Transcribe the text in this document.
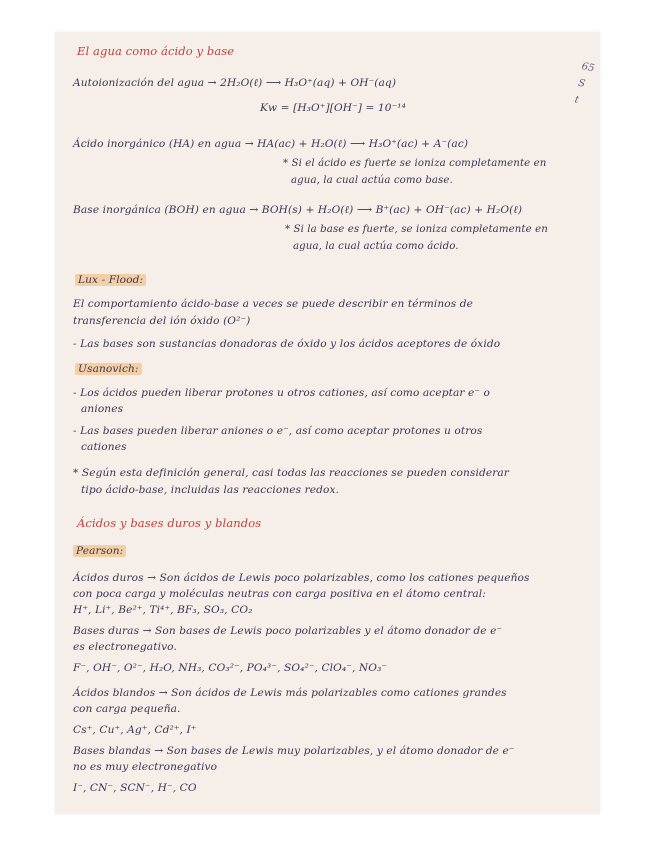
65
S
t
El agua como ácido y base
Autoionización del agua → 2H₂O(ℓ) ⟶ H₃O⁺(aq) + OH⁻(aq)
Kw = [H₃O⁺][OH⁻] = 10⁻¹⁴
Ácido inorgánico (HA) en agua → HA(ac) + H₂O(ℓ) ⟶ H₃O⁺(ac) + A⁻(ac)
* Si el ácido es fuerte se ioniza completamente en
agua, la cual actúa como base.
Base inorgánica (BOH) en agua → BOH(s) + H₂O(ℓ) ⟶ B⁺(ac) + OH⁻(ac) + H₂O(ℓ)
* Si la base es fuerte, se ioniza completamente en
agua, la cual actúa como ácido.
Lux - Flood:
El comportamiento ácido-base a veces se puede describir en términos de
transferencia del ión óxido (O²⁻)
- Las bases son sustancias donadoras de óxido y los ácidos aceptores de óxido
Usanovich:
- Los ácidos pueden liberar protones u otros cationes, así como aceptar e⁻ o
aniones
- Las bases pueden liberar aniones o e⁻, así como aceptar protones u otros
cationes
* Según esta definición general, casi todas las reacciones se pueden considerar
tipo ácido-base, incluidas las reacciones redox.
Ácidos y bases duros y blandos
Pearson:
Ácidos duros → Son ácidos de Lewis poco polarizables, como los cationes pequeños
con poca carga y moléculas neutras con carga positiva en el átomo central:
H⁺, Li⁺, Be²⁺, Ti⁴⁺, BF₃, SO₃, CO₂
Bases duras → Son bases de Lewis poco polarizables y el átomo donador de e⁻
es electronegativo.
F⁻, OH⁻, O²⁻, H₂O, NH₃, CO₃²⁻, PO₄³⁻, SO₄²⁻, ClO₄⁻, NO₃⁻
Ácidos blandos → Son ácidos de Lewis más polarizables como cationes grandes
con carga pequeña.
Cs⁺, Cu⁺, Ag⁺, Cd²⁺, I⁺
Bases blandas → Son bases de Lewis muy polarizables, y el átomo donador de e⁻
no es muy electronegativo
I⁻, CN⁻, SCN⁻, H⁻, CO
